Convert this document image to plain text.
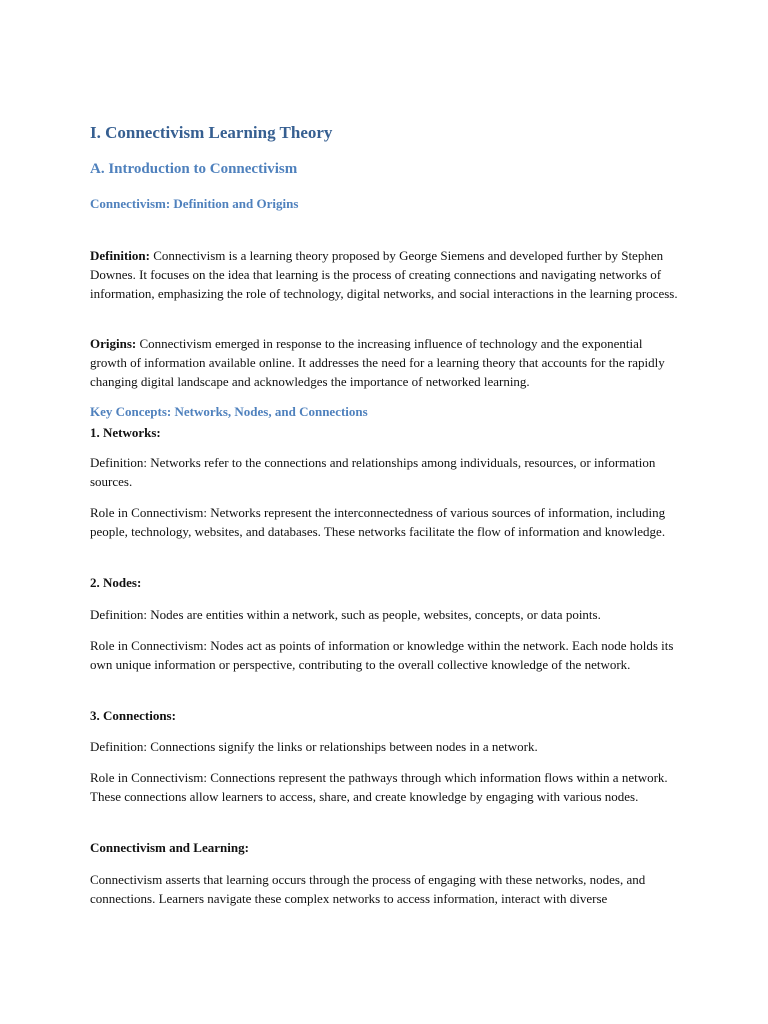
I. Connectivism Learning Theory
A. Introduction to Connectivism
Connectivism: Definition and Origins

Definition: Connectivism is a learning theory proposed by George Siemens and developed further by Stephen Downes. It focuses on the idea that learning is the process of creating connections and navigating networks of information, emphasizing the role of technology, digital networks, and social interactions in the learning process.

Origins: Connectivism emerged in response to the increasing influence of technology and the exponential growth of information available online. It addresses the need for a learning theory that accounts for the rapidly changing digital landscape and acknowledges the importance of networked learning.

Key Concepts: Networks, Nodes, and Connections

1. Networks:

Definition: Networks refer to the connections and relationships among individuals, resources, or information sources.

Role in Connectivism: Networks represent the interconnectedness of various sources of information, including people, technology, websites, and databases. These networks facilitate the flow of information and knowledge.

2. Nodes:

Definition: Nodes are entities within a network, such as people, websites, concepts, or data points.

Role in Connectivism: Nodes act as points of information or knowledge within the network. Each node holds its own unique information or perspective, contributing to the overall collective knowledge of the network.

3. Connections:

Definition: Connections signify the links or relationships between nodes in a network.

Role in Connectivism: Connections represent the pathways through which information flows within a network. These connections allow learners to access, share, and create knowledge by engaging with various nodes.

Connectivism and Learning:

Connectivism asserts that learning occurs through the process of engaging with these networks, nodes, and connections. Learners navigate these complex networks to access information, interact with diverse
